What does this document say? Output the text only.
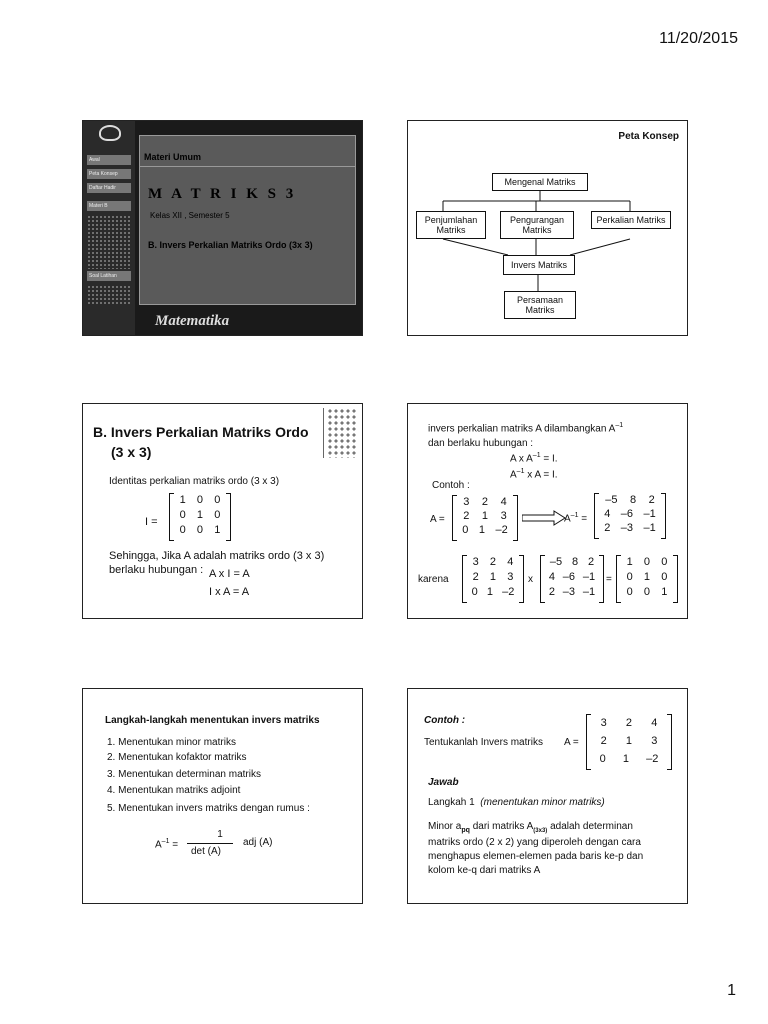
11/20/2015
1
Awal
Peta Konsep
Daftar Hadir
Materi B
Soal Latihan
Materi Umum
M A T R I K S 3
Kelas XII , Semester 5
B. Invers Perkalian Matriks Ordo (3x 3)
Matematika
Peta Konsep
Mengenal Matriks
Penjumlahan Matriks
Pengurangan Matriks
Perkalian Matriks
Invers Matriks
Persamaan Matriks
B. Invers Perkalian Matriks Ordo
(3 x 3)
Identitas perkalian matriks ordo (3 x 3)
I =
1 0 0
0 1 0
0 0 1
Sehingga, Jika A adalah matriks ordo (3 x 3)
berlaku hubungan : A x I = A
I x A = A
invers perkalian matriks A dilambangkan $A^{-1}$
dan berlaku hubungan :
A x $A^{-1} = I$.
$A^{-1}$ x A = I.
Contoh :
A =
3 2 4
2 1 3
0 1 –2
$A^{-1}$ =
–5 8 2
4 –6 –1
2 –3 –1
karena
3 2 4
2 1 3
0 1 –2
x
–5 8 2
4 –6 –1
2 –3 –1
=
1 0 0
0 1 0
0 0 1
Langkah-langkah menentukan invers matriks
1. Menentukan minor matriks
2. Menentukan kofaktor matriks
3. Menentukan determinan matriks
4. Menentukan matriks adjoint
5. Menentukan invers matriks dengan rumus :
$A^{-1}$ =
1
det (A)
adj (A)
Contoh :
Tentukanlah Invers matriks A =
3 2 4
2 1 3
0 1 –2
Jawab
Langkah 1 (menentukan minor matriks)
Minor $a_{pq}$ dari matriks $A_{(3x3)}$ adalah determinan
matriks ordo (2 x 2) yang diperoleh dengan cara
menghapus elemen-elemen pada baris ke-p dan
kolom ke-q dari matriks A
